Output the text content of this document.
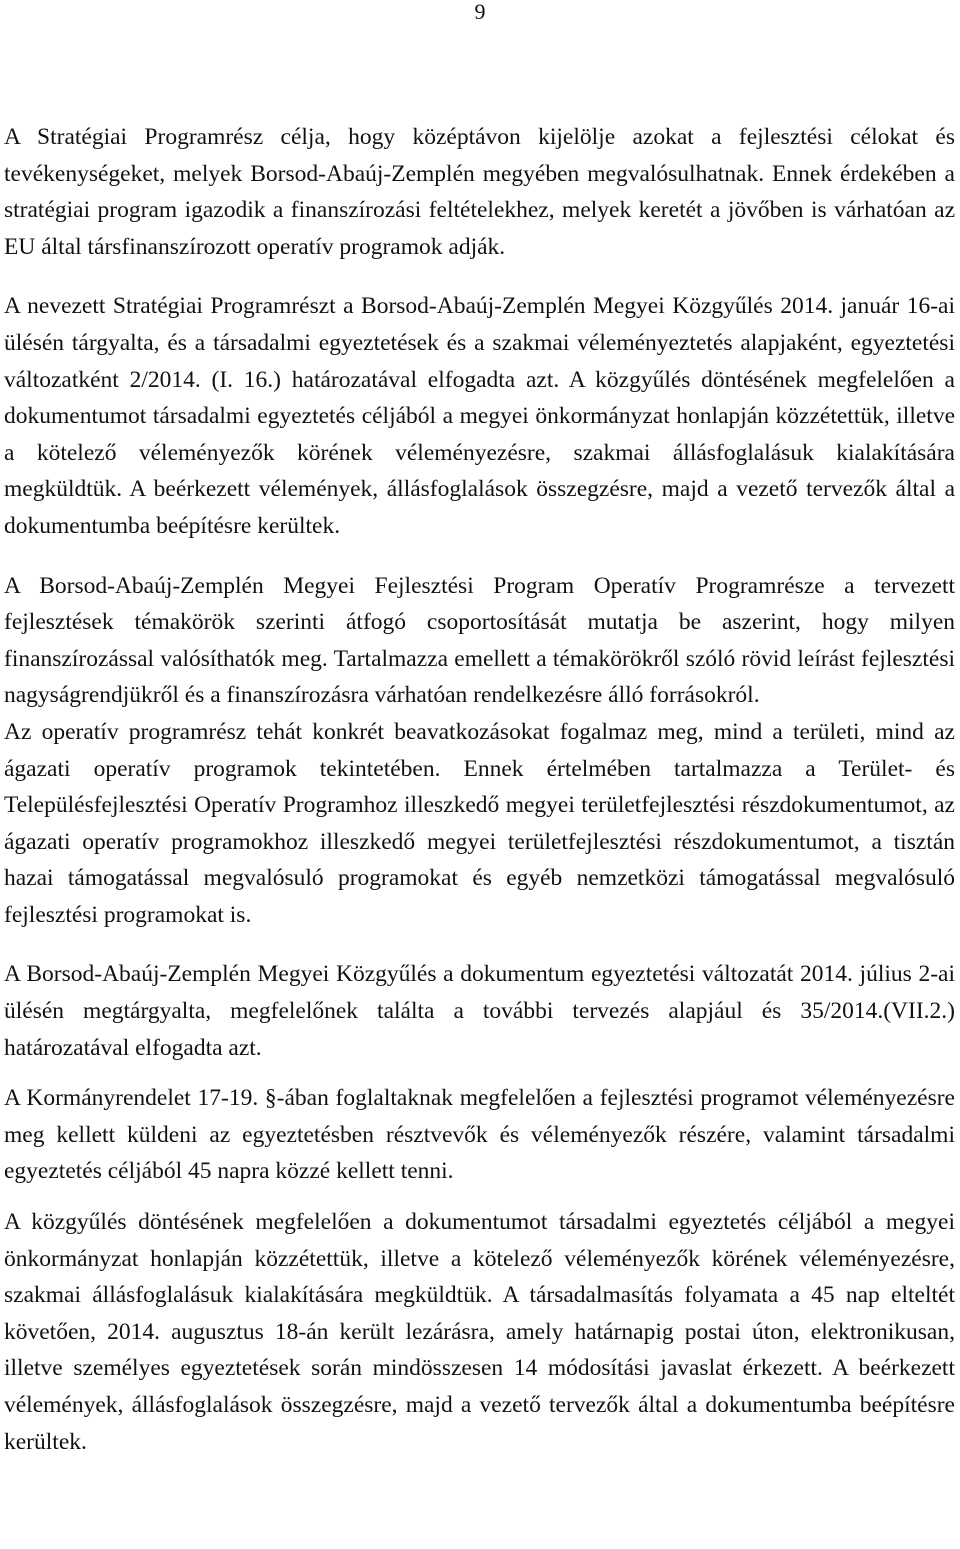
9

A Stratégiai Programrész célja, hogy középtávon kijelölje azokat a fejlesztési célokat és tevékenységeket, melyek Borsod-Abaúj-Zemplén megyében megvalósulhatnak. Ennek érdekében a stratégiai program igazodik a finanszírozási feltételekhez, melyek keretét a jövőben is várhatóan az EU által társfinanszírozott operatív programok adják.

A nevezett Stratégiai Programrészt a Borsod-Abaúj-Zemplén Megyei Közgyűlés 2014. január 16-ai ülésén tárgyalta, és a társadalmi egyeztetések és a szakmai véleményeztetés alapjaként, egyeztetési változatként 2/2014. (I. 16.) határozatával elfogadta azt. A közgyűlés döntésének megfelelően a dokumentumot társadalmi egyeztetés céljából a megyei önkormányzat honlapján közzétettük, illetve a kötelező véleményezők körének véleményezésre, szakmai állásfoglalásuk kialakítására megküldtük. A beérkezett vélemények, állásfoglalások összegzésre, majd a vezető tervezők által a dokumentumba beépítésre kerültek.

A Borsod-Abaúj-Zemplén Megyei Fejlesztési Program Operatív Programrésze a tervezett fejlesztések témakörök szerinti átfogó csoportosítását mutatja be aszerint, hogy milyen finanszírozással valósíthatók meg. Tartalmazza emellett a témakörökről szóló rövid leírást fejlesztési nagyságrendjükről és a finanszírozásra várhatóan rendelkezésre álló forrásokról.

Az operatív programrész tehát konkrét beavatkozásokat fogalmaz meg, mind a területi, mind az ágazati operatív programok tekintetében. Ennek értelmében tartalmazza a Terület- és Településfejlesztési Operatív Programhoz illeszkedő megyei területfejlesztési részdokumentumot, az ágazati operatív programokhoz illeszkedő megyei területfejlesztési részdokumentumot, a tisztán hazai támogatással megvalósuló programokat és egyéb nemzetközi támogatással megvalósuló fejlesztési programokat is.

A Borsod-Abaúj-Zemplén Megyei Közgyűlés a dokumentum egyeztetési változatát 2014. július 2-ai ülésén megtárgyalta, megfelelőnek találta a további tervezés alapjául és 35/2014.(VII.2.) határozatával elfogadta azt.

A Kormányrendelet 17-19. §-ában foglaltaknak megfelelően a fejlesztési programot véleményezésre meg kellett küldeni az egyeztetésben résztvevők és véleményezők részére, valamint társadalmi egyeztetés céljából 45 napra közzé kellett tenni.

A közgyűlés döntésének megfelelően a dokumentumot társadalmi egyeztetés céljából a megyei önkormányzat honlapján közzétettük, illetve a kötelező véleményezők körének véleményezésre, szakmai állásfoglalásuk kialakítására megküldtük. A társadalmasítás folyamata a 45 nap elteltét követően, 2014. augusztus 18-án került lezárásra, amely határnapig postai úton, elektronikusan, illetve személyes egyeztetések során mindösszesen 14 módosítási javaslat érkezett. A beérkezett vélemények, állásfoglalások összegzésre, majd a vezető tervezők által a dokumentumba beépítésre kerültek.
